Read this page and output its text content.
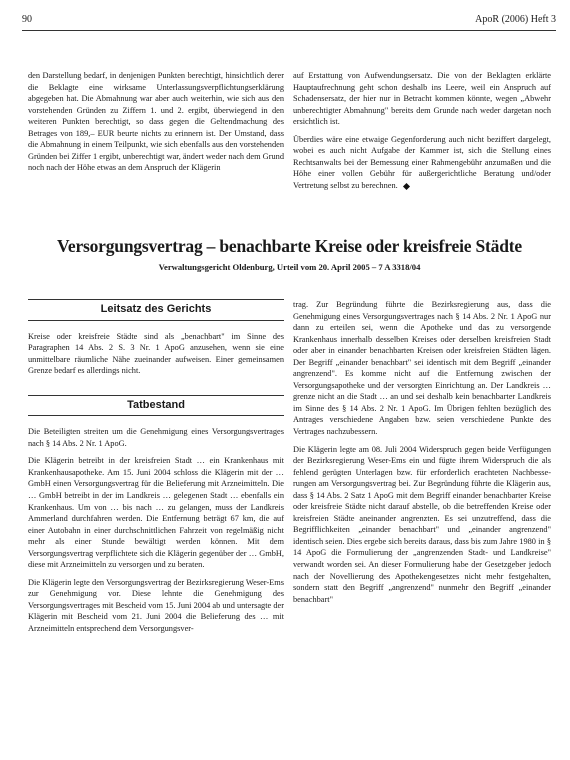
90	ApoR (2006) Heft 3

den Darstellung bedarf, in denjenigen Punkten berechtigt, hinsichtlich derer die Beklagte eine wirksame Unterlassungsverpflichtungserklärung abgegeben hat. Die Abmahnung war aber auch weiterhin, wie sich aus den vorstehenden Gründen zu Ziffern 1. und 2. ergibt, überwiegend in den weiteren Punkten berechtigt, so dass gegen die Geltendmachung des Betrages von 189,– EUR beurte nichts zu erinnern ist. Der Umstand, dass die Abmahnung in einem Teilpunkt, wie sich ebenfalls aus den vorstehenden Gründen bei Ziffer 1 ergibt, unberechtigt war, ändert weder nach dem Grund noch nach der Höhe etwas an dem Anspruch der Klägerin

auf Erstattung von Aufwendungsersatz. Die von der Beklagten erklärte Hauptaufrechnung geht schon deshalb ins Leere, weil ein Anspruch auf Schadensersatz, der hier nur in Betracht kommen könnte, wegen „Abwehr unberechtigter Abmahnung" bereits dem Grunde nach weder dargetan noch ersichtlich ist.

Überdies wäre eine etwaige Gegenforderung auch nicht beziffert dargelegt, wobei es auch nicht Aufgabe der Kammer ist, sich die Stellung eines Rechtsanwalts bei der Bemessung einer Rahmengebühr anzumaßen und die Höhe einer vollen Gebühr für außergerichtliche Beratung und/oder Vertretung selbst zu berechnen.

Versorgungsvertrag – benachbarte Kreise oder kreisfreie Städte
Verwaltungsgericht Oldenburg, Urteil vom 20. April 2005 – 7 A 3318/04
Leitsatz des Gerichts

Kreise oder kreisfreie Städte sind als „benachbart" im Sinne des Paragraphen 14 Abs. 2 S. 3 Nr. 1 ApoG anzusehen, wenn sie eine unmittelbare räumliche Nähe zueinander aufweisen. Einer gemeinsamen Grenze bedarf es allerdings nicht.

Tatbestand

Die Beteiligten streiten um die Genehmigung eines Versorgungsvertrages nach § 14 Abs. 2 Nr. 1 ApoG.

Die Klägerin betreibt in der kreisfreien Stadt … ein Krankenhaus mit Krankenhausapotheke. Am 15. Juni 2004 schloss die Klägerin mit der … GmbH einen Versorgungsvertrag für die Belieferung mit Arzneimitteln. Die … GmbH betreibt in der im Landkreis … gelegenen Stadt … ebenfalls ein Krankenhaus. Um von … bis nach … zu gelangen, muss der Landkreis Ammerland durchfahren werden. Die Entfernung beträgt 67 km, die auf einer Autobahn in einer durchschnittlichen Fahrzeit von regelmäßig nicht mehr als einer Stunde bewältigt werden können. Mit dem Versorgungsvertrag verpflichtete sich die Klägerin gegenüber der … GmbH, diese mit Arzneimitteln zu versorgen und zu beraten.

Die Klägerin legte den Versorgungsvertrag der Bezirksregierung Weser-Ems zur Genehmigung vor. Diese lehnte die Genehmigung des Versorgungsvertrages mit Bescheid vom 15. Juni 2004 ab und untersagte der Klägerin mit Bescheid vom 21. Juni 2004 die Belieferung des … mit Arzneimitteln entsprechend dem Versorgungsver-

trag. Zur Begründung führte die Bezirksregierung aus, dass die Genehmigung eines Versorgungsvertrages nach § 14 Abs. 2 Nr. 1 ApoG nur dann zu erteilen sei, wenn die Apotheke und das zu versorgende Krankenhaus innerhalb desselben Kreises oder derselben kreisfreien Stadt oder aber in einander benachbarten Kreisen oder kreisfreien Städten lägen. Der Begriff „einander benachbart" sei identisch mit dem Begriff „einander angrenzend". Es komme nicht auf die Entfernung zwischen der Versorgungsapotheke und der versorgten Einrichtung an. Der Landkreis … grenze nicht an die Stadt … an und sei deshalb kein benachbarter Landkreis im Sinne des § 14 Abs. 2 Nr. 1 ApoG. Im Übrigen fehlten bezüglich des Antrages verschiedene Angaben bzw. seien verschiedene Punkte des Vertrages nachzubessern.

Die Klägerin legte am 08. Juli 2004 Widerspruch gegen beide Verfügungen der Bezirksregierung Weser-Ems ein und fügte ihrem Widerspruch die als fehlend gerügten Unterlagen bzw. für erforderlich erachteten Nachbesserungen am Versorgungsvertrag bei. Zur Begründung führte die Klägerin aus, dass § 14 Abs. 2 Satz 1 ApoG mit dem Begriff einander benachbarter Kreise oder kreisfreie Städte nicht darauf abstelle, ob die betreffenden Kreise oder kreisfreien Städte aneinander angrenzten. Es sei unzutreffend, dass die Begrifflichkeiten „einander benachbart" und „einander angrenzend" identisch seien. Dies ergebe sich bereits daraus, dass bis zum Jahre 1980 in § 14 ApoG die Formulierung der „angrenzenden Stadt- und Landkreise" verwandt worden sei. An dieser Formulierung habe der Gesetzgeber jedoch nach der Novellierung des Apothekengesetzes nicht mehr festgehalten, sondern statt den Begriff „angrenzend" nunmehr den Begriff „einander benachbart"
